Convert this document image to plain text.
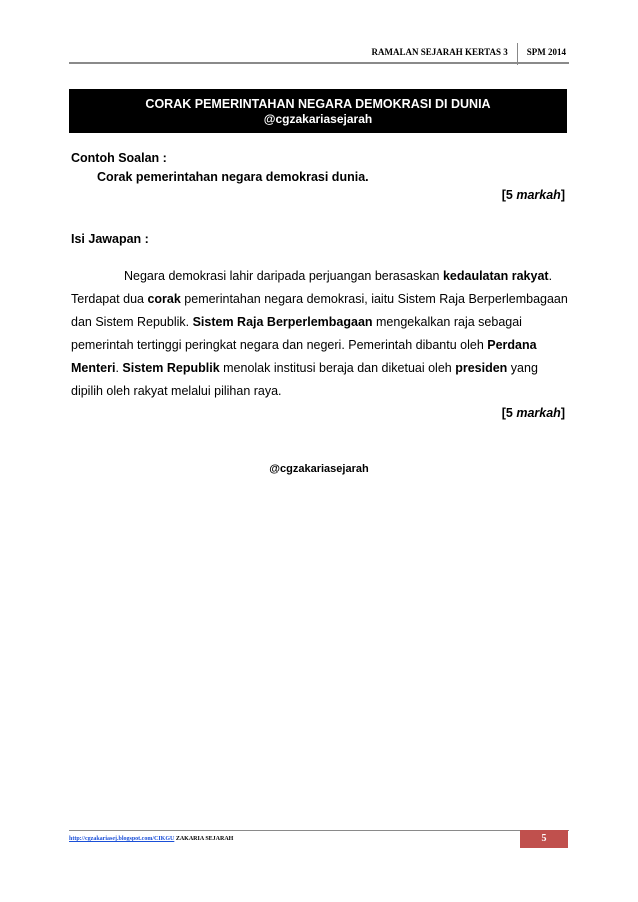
RAMALAN SEJARAH KERTAS 3 SPM 2014
CORAK PEMERINTAHAN NEGARA DEMOKRASI DI DUNIA
@cgzakariasejarah
Contoh Soalan :
Corak pemerintahan negara demokrasi dunia.
[5 markah]
Isi Jawapan :
Negara demokrasi lahir daripada perjuangan berasaskan kedaulatan rakyat. Terdapat dua corak pemerintahan negara demokrasi, iaitu Sistem Raja Berperlembagaan dan Sistem Republik. Sistem Raja Berperlembagaan mengekalkan raja sebagai pemerintah tertinggi peringkat negara dan negeri. Pemerintah dibantu oleh Perdana Menteri. Sistem Republik menolak institusi beraja dan diketuai oleh presiden yang dipilih oleh rakyat melalui pilihan raya.
[5 markah]
@cgzakariasejarah
http://cgzakariasej.blogspot.com/CIKGU ZAKARIA SEJARAH	5
